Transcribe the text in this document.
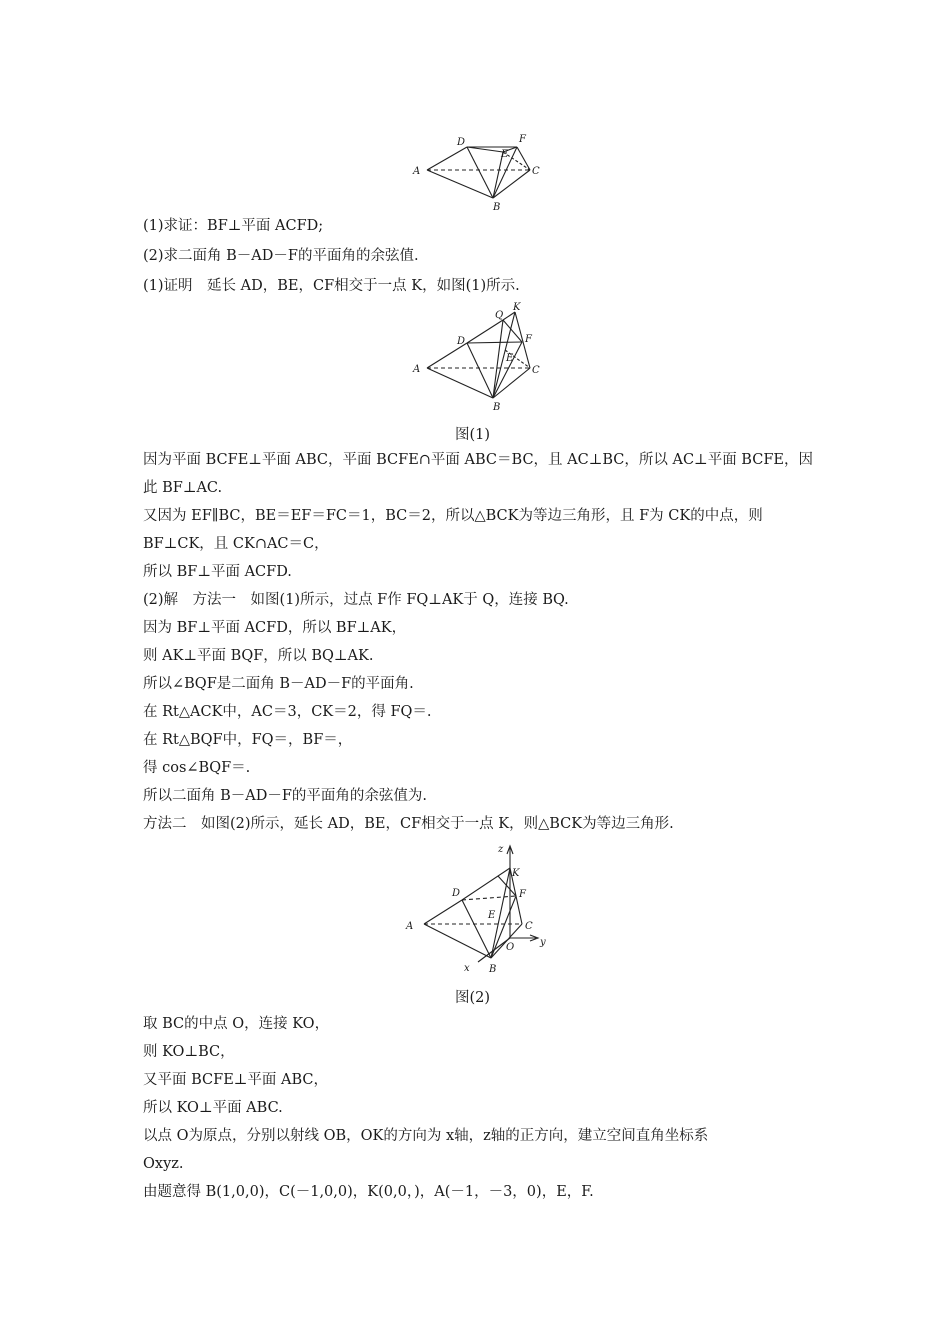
A
D
E
F
C
B
(1)求证：BF⊥平面 ACFD;
(2)求二面角 B－AD－F的平面角的余弦值.
(1)证明　延长 AD，BE，CF相交于一点 K，如图(1)所示.
Q
K
D	F
E
A	C
B
图(1)
因为平面 BCFE⊥平面 ABC，平面 BCFE∩平面 ABC＝BC，且 AC⊥BC，所以 AC⊥平面 BCFE，因
此 BF⊥AC.
又因为 EF∥BC，BE＝EF＝FC＝1，BC＝2，所以△BCK为等边三角形，且 F为 CK的中点，则
BF⊥CK，且 CK∩AC＝C，
所以 BF⊥平面 ACFD.
(2)解　方法一　如图(1)所示，过点 F作 FQ⊥AK于 Q，连接 BQ.
因为 BF⊥平面 ACFD，所以 BF⊥AK，
则 AK⊥平面 BQF，所以 BQ⊥AK.
所以∠BQF是二面角 B－AD－F的平面角.
在 Rt△ACK中，AC＝3，CK＝2，得 FQ＝.
在 Rt△BQF中，FQ＝，BF＝，
得 cos∠BQF＝.
所以二面角 B－AD－F的平面角的余弦值为.
方法二　如图(2)所示，延长 AD，BE，CF相交于一点 K，则△BCK为等边三角形.
z
K
D	F
E
A	C
O	y
B
x
图(2)
取 BC的中点 O，连接 KO，
则 KO⊥BC，
又平面 BCFE⊥平面 ABC，
所以 KO⊥平面 ABC.
以点 O为原点，分别以射线 OB，OK的方向为 x轴，z轴的正方向，建立空间直角坐标系
Oxyz.
由题意得 B(1,0,0)，C(－1,0,0)，K(0,0，)，A(－1，－3，0)，E，F.
